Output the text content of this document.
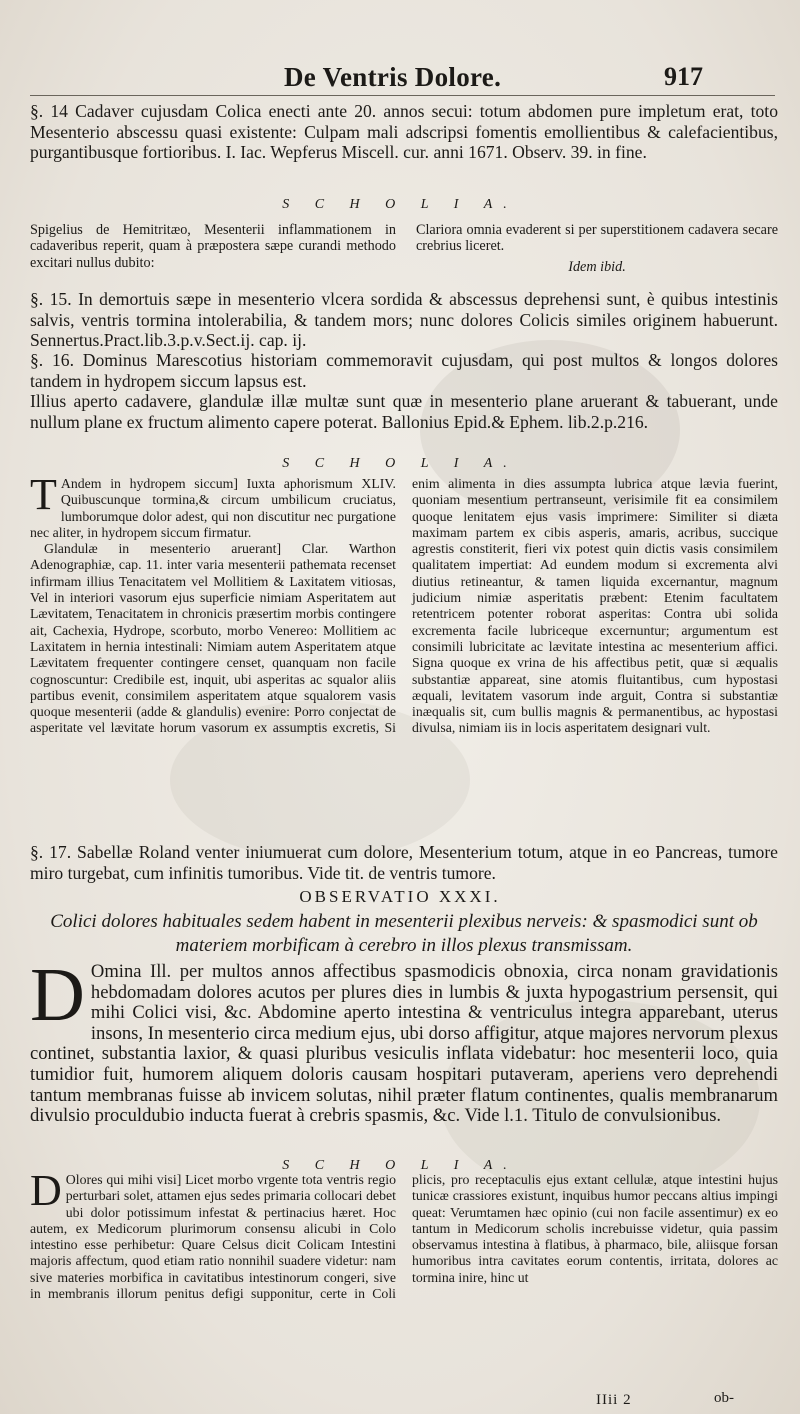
De Ventris Dolore.	917

§. 14 Cadaver cujusdam Colica enecti ante 20. annos secui: totum abdomen pure impletum erat, toto Mesenterio abscessu quasi existente: Culpam mali adscripsi fomentis emollientibus & calefacientibus, purgantibusque fortioribus. I. Iac. Wepferus Miscell. cur. anni 1671. Observ. 39. in fine.

S C H O L I A.

Spigelius de Hemitritæo, Mesenterii inflammationem in cadaveribus reperit, quam à præpostera sæpe curandi methodo excitari nullus dubito:

Clariora omnia evaderent si per superstitionem cadavera secare crebrius liceret.

Idem ibid.

§. 15. In demortuis sæpe in mesenterio vlcera sordida & abscessus deprehensi sunt, è quibus intestinis salvis, ventris tormina intolerabilia, & tandem mors; nunc dolores Colicis similes originem habuerunt. Sennertus.Pract.lib.3.p.v.Sect.ij. cap. ij.

§. 16. Dominus Marescotius historiam commemoravit cujusdam, qui post multos & longos dolores tandem in hydropem siccum lapsus est.

Illius aperto cadavere, glandulæ illæ multæ sunt quæ in mesenterio plane aruerant & tabuerant, unde nullum plane ex fructum alimento capere poterat. Ballonius Epid.& Ephem. lib.2.p.216.

S C H O L I A.

T Andem in hydropem siccum] Iuxta aphorismum XLIV. Quibuscunque tormina,& circum umbilicum cruciatus, lumborumque dolor adest, qui non discutitur nec purgatione nec aliter, in hydropem siccum firmatur.

Glandulæ in mesenterio aruerant] Clar. Warthon Adenographiæ, cap. 11. inter varia mesenterii pathemata recenset infirmam illius Tenacitatem vel Mollitiem & Laxitatem vitiosas, Vel in interiori vasorum ejus superficie nimiam Asperitatem aut Lævitatem, Tenacitatem in chronicis præsertim morbis contingere ait, Cachexia, Hydrope, scorbuto, morbo Venereo: Mollitiem ac Laxitatem in hernia intestinali: Nimiam autem Asperitatem atque Lævitatem frequenter contingere censet, quanquam non facile cognoscuntur: Credibile est, inquit, ubi asperitas ac squalor aliis partibus evenit, consimilem asperitatem atque squalorem vasis quoque mesenterii (adde & glandulis) evenire: Porro conjectat de asperitate vel lævitate horum vasorum ex assumptis excretis, Si enim alimenta in dies assumpta lubrica atque lævia fuerint, quoniam mesentium pertranseunt, verisimile fit ea consimilem quoque lenitatem ejus vasis imprimere: Similiter si diæta maximam partem ex cibis asperis, amaris, acribus, succique agrestis constiterit, fieri vix potest quin dictis vasis consimilem qualitatem impertiat: Ad eundem modum si excrementa alvi diutius retineantur, & tamen liquida excernantur, magnum judicium nimiæ asperitatis præbent: Etenim facultatem retentricem potenter roborat asperitas: Contra ubi solida excrementa facile lubriceque excernuntur; argumentum est consimili lubricitate ac lævitate intestina ac mesenterium affici. Signa quoque ex vrina de his affectibus petit, quæ si æqualis substantiæ appareat, sine atomis fluitantibus, cum hypostasi æquali, levitatem vasorum inde arguit, Contra si substantiæ inæqualis sit, cum bullis magnis & permanentibus, ac hypostasi divulsa, nimiam iis in locis asperitatem designari vult.

§. 17. Sabellæ Roland venter iniumuerat cum dolore, Mesenterium totum, atque in eo Pancreas, tumore miro turgebat, cum infinitis tumoribus. Vide tit. de ventris tumore.

OBSERVATIO XXXI.

Colici dolores habituales sedem habent in mesenterii plexibus nerveis: & spasmodici sunt ob materiem morbificam à cerebro in illos plexus transmissam.

D Omina Ill. per multos annos affectibus spasmodicis obnoxia, circa nonam gravidationis hebdomadam dolores acutos per plures dies in lumbis & juxta hypogastrium persensit, qui mihi Colici visi, &c. Abdomine aperto intestina & ventriculus integra apparebant, uterus insons, In mesenterio circa medium ejus, ubi dorso affigitur, atque majores nervorum plexus continet, substantia laxior, & quasi pluribus vesiculis inflata videbatur: hoc mesenterii loco, quia tumidior fuit, humorem aliquem doloris causam hospitari putaveram, aperiens vero deprehendi tantum membranas fuisse ab invicem solutas, nihil præter flatum continentes, qualis membranarum divulsio proculdubio inducta fuerat à crebris spasmis, &c. Vide l.1. Titulo de convulsionibus.

S C H O L I A.

D Olores qui mihi visi] Licet morbo vrgente tota ventris regio perturbari solet, attamen ejus sedes primaria collocari debet ubi dolor potissimum infestat & pertinacius hæret. Hoc autem, ex Medicorum plurimorum consensu alicubi in Colo intestino esse perhibetur: Quare Celsus dicit Colicam Intestini majoris affectum, quod etiam ratio nonnihil suadere videtur: nam sive materies morbifica in cavitatibus intestinorum congeri, sive in membranis illorum penitus defigi supponitur, certe in Coli plicis, pro receptaculis ejus extant cellulæ, atque intestini hujus tunicæ crassiores existunt, inquibus humor peccans altius impingi queat: Verumtamen hæc opinio (cui non facile assentimur) ex eo tantum in Medicorum scholis increbuisse videtur, quia passim observamus intestina à flatibus, à pharmaco, bile, aliisque forsan humoribus intra cavitates eorum contentis, irritata, dolores ac tormina inire, hinc ut

IIii 2	ob-
